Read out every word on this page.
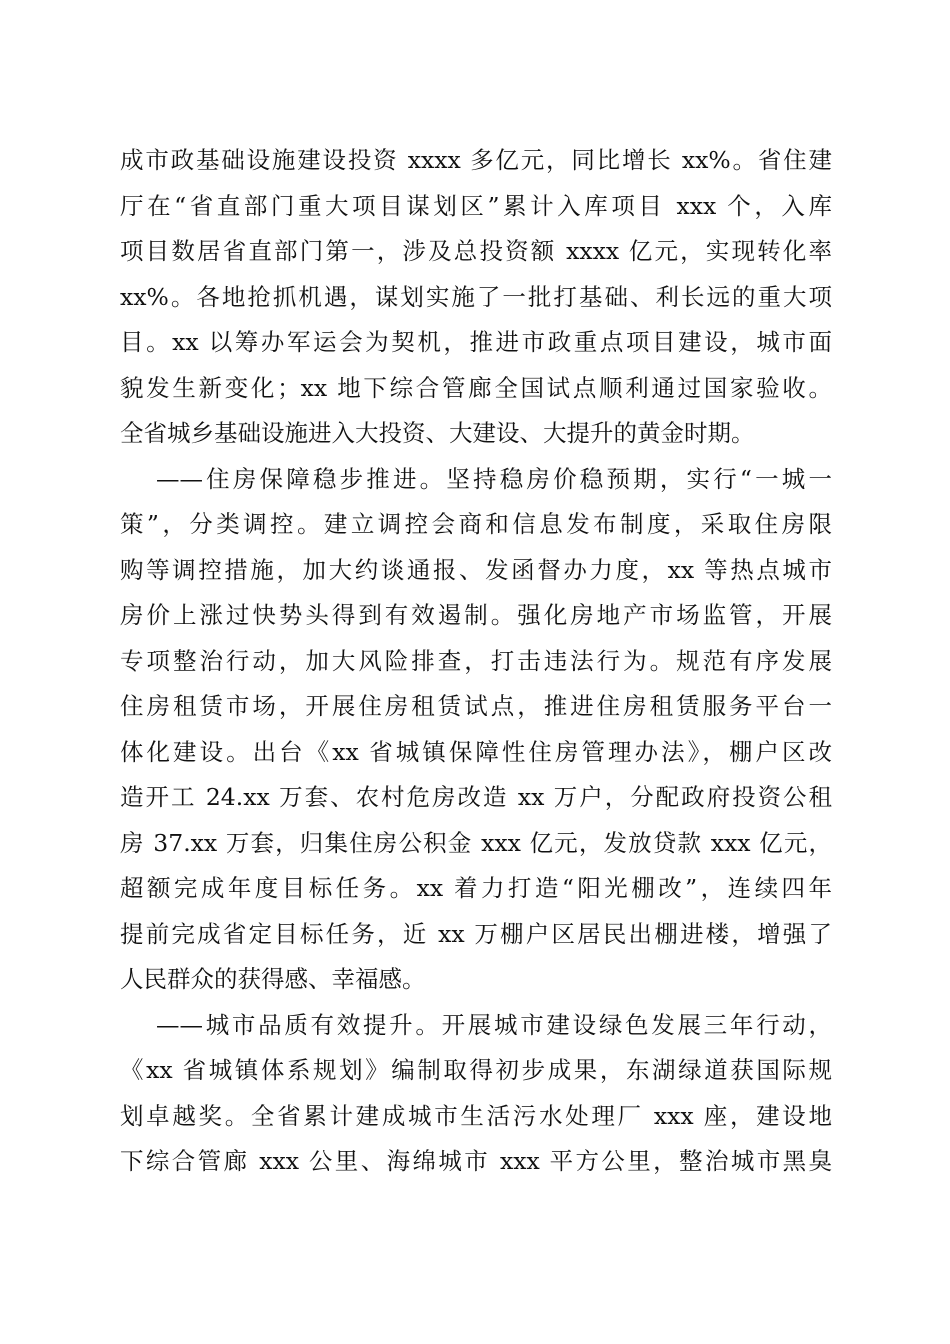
成市政基础设施建设投资 xxxx 多亿元，同比增长 xx%。省住建
厅在“省直部门重大项目谋划区”累计入库项目 xxx 个，入库
项目数居省直部门第一，涉及总投资额 xxxx 亿元，实现转化率
xx%。各地抢抓机遇，谋划实施了一批打基础、利长远的重大项
目。xx 以筹办军运会为契机，推进市政重点项目建设，城市面
貌发生新变化；xx 地下综合管廊全国试点顺利通过国家验收。
全省城乡基础设施进入大投资、大建设、大提升的黄金时期。
——住房保障稳步推进。坚持稳房价稳预期，实行“一城一
策”，分类调控。建立调控会商和信息发布制度，采取住房限
购等调控措施，加大约谈通报、发函督办力度，xx 等热点城市
房价上涨过快势头得到有效遏制。强化房地产市场监管，开展
专项整治行动，加大风险排查，打击违法行为。规范有序发展
住房租赁市场，开展住房租赁试点，推进住房租赁服务平台一
体化建设。出台《xx 省城镇保障性住房管理办法》，棚户区改
造开工 24.xx 万套、农村危房改造 xx 万户，分配政府投资公租
房 37.xx 万套，归集住房公积金 xxx 亿元，发放贷款 xxx 亿元，
超额完成年度目标任务。xx 着力打造“阳光棚改”，连续四年
提前完成省定目标任务，近 xx 万棚户区居民出棚进楼，增强了
人民群众的获得感、幸福感。
——城市品质有效提升。开展城市建设绿色发展三年行动，
《xx 省城镇体系规划》编制取得初步成果，东湖绿道获国际规
划卓越奖。全省累计建成城市生活污水处理厂 xxx 座，建设地
下综合管廊 xxx 公里、海绵城市 xxx 平方公里，整治城市黑臭
